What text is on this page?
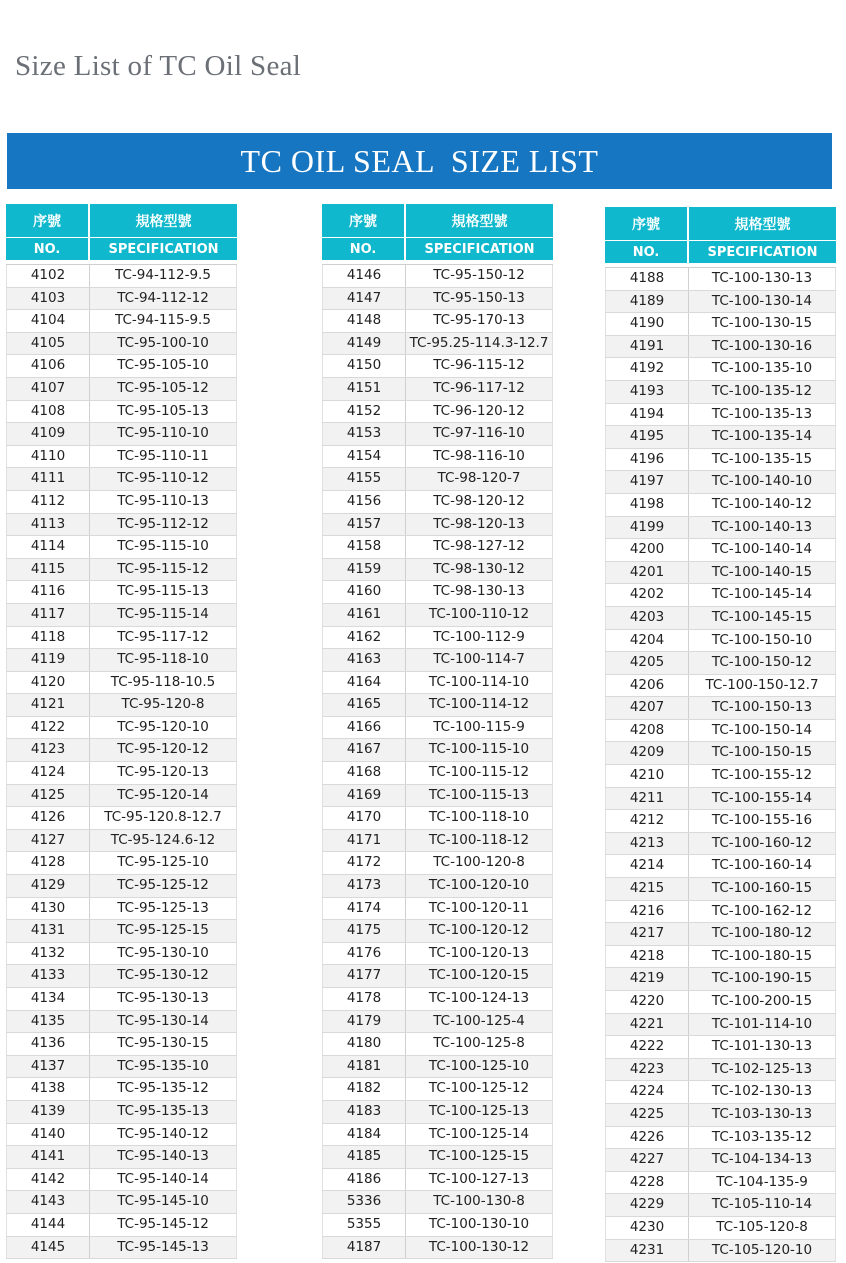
Size List of TC Oil Seal
TC OIL SEAL  SIZE LIST
序號	規格型號
NO.	SPECIFICATION
4102	TC-94-112-9.5
4103	TC-94-112-12
4104	TC-94-115-9.5
4105	TC-95-100-10
4106	TC-95-105-10
4107	TC-95-105-12
4108	TC-95-105-13
4109	TC-95-110-10
4110	TC-95-110-11
4111	TC-95-110-12
4112	TC-95-110-13
4113	TC-95-112-12
4114	TC-95-115-10
4115	TC-95-115-12
4116	TC-95-115-13
4117	TC-95-115-14
4118	TC-95-117-12
4119	TC-95-118-10
4120	TC-95-118-10.5
4121	TC-95-120-8
4122	TC-95-120-10
4123	TC-95-120-12
4124	TC-95-120-13
4125	TC-95-120-14
4126	TC-95-120.8-12.7
4127	TC-95-124.6-12
4128	TC-95-125-10
4129	TC-95-125-12
4130	TC-95-125-13
4131	TC-95-125-15
4132	TC-95-130-10
4133	TC-95-130-12
4134	TC-95-130-13
4135	TC-95-130-14
4136	TC-95-130-15
4137	TC-95-135-10
4138	TC-95-135-12
4139	TC-95-135-13
4140	TC-95-140-12
4141	TC-95-140-13
4142	TC-95-140-14
4143	TC-95-145-10
4144	TC-95-145-12
4145	TC-95-145-13
序號	規格型號
NO.	SPECIFICATION
4146	TC-95-150-12
4147	TC-95-150-13
4148	TC-95-170-13
4149	TC-95.25-114.3-12.7
4150	TC-96-115-12
4151	TC-96-117-12
4152	TC-96-120-12
4153	TC-97-116-10
4154	TC-98-116-10
4155	TC-98-120-7
4156	TC-98-120-12
4157	TC-98-120-13
4158	TC-98-127-12
4159	TC-98-130-12
4160	TC-98-130-13
4161	TC-100-110-12
4162	TC-100-112-9
4163	TC-100-114-7
4164	TC-100-114-10
4165	TC-100-114-12
4166	TC-100-115-9
4167	TC-100-115-10
4168	TC-100-115-12
4169	TC-100-115-13
4170	TC-100-118-10
4171	TC-100-118-12
4172	TC-100-120-8
4173	TC-100-120-10
4174	TC-100-120-11
4175	TC-100-120-12
4176	TC-100-120-13
4177	TC-100-120-15
4178	TC-100-124-13
4179	TC-100-125-4
4180	TC-100-125-8
4181	TC-100-125-10
4182	TC-100-125-12
4183	TC-100-125-13
4184	TC-100-125-14
4185	TC-100-125-15
4186	TC-100-127-13
5336	TC-100-130-8
5355	TC-100-130-10
4187	TC-100-130-12
序號	規格型號
NO.	SPECIFICATION
4188	TC-100-130-13
4189	TC-100-130-14
4190	TC-100-130-15
4191	TC-100-130-16
4192	TC-100-135-10
4193	TC-100-135-12
4194	TC-100-135-13
4195	TC-100-135-14
4196	TC-100-135-15
4197	TC-100-140-10
4198	TC-100-140-12
4199	TC-100-140-13
4200	TC-100-140-14
4201	TC-100-140-15
4202	TC-100-145-14
4203	TC-100-145-15
4204	TC-100-150-10
4205	TC-100-150-12
4206	TC-100-150-12.7
4207	TC-100-150-13
4208	TC-100-150-14
4209	TC-100-150-15
4210	TC-100-155-12
4211	TC-100-155-14
4212	TC-100-155-16
4213	TC-100-160-12
4214	TC-100-160-14
4215	TC-100-160-15
4216	TC-100-162-12
4217	TC-100-180-12
4218	TC-100-180-15
4219	TC-100-190-15
4220	TC-100-200-15
4221	TC-101-114-10
4222	TC-101-130-13
4223	TC-102-125-13
4224	TC-102-130-13
4225	TC-103-130-13
4226	TC-103-135-12
4227	TC-104-134-13
4228	TC-104-135-9
4229	TC-105-110-14
4230	TC-105-120-8
4231	TC-105-120-10
